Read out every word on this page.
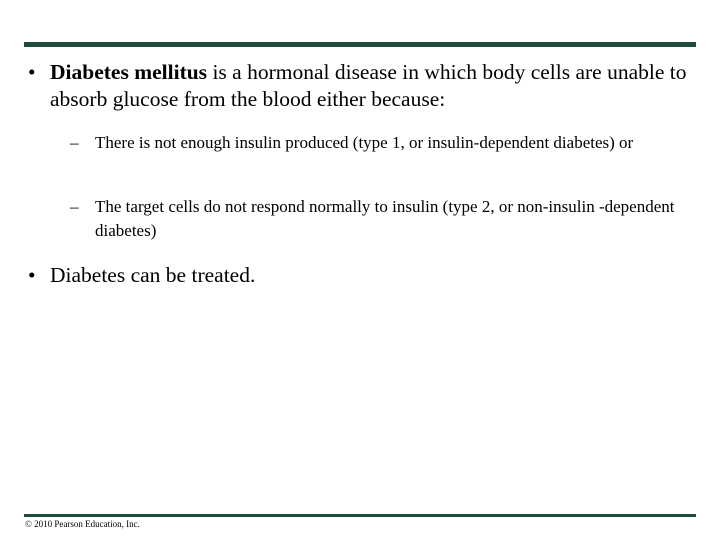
• Diabetes mellitus is a hormonal disease in which body cells are unable to absorb glucose from the blood either because:
– There is not enough insulin produced (type 1, or insulin-dependent diabetes) or
– The target cells do not respond normally to insulin (type 2, or non-insulin -dependent diabetes)
• Diabetes can be treated.
© 2010 Pearson Education, Inc.
